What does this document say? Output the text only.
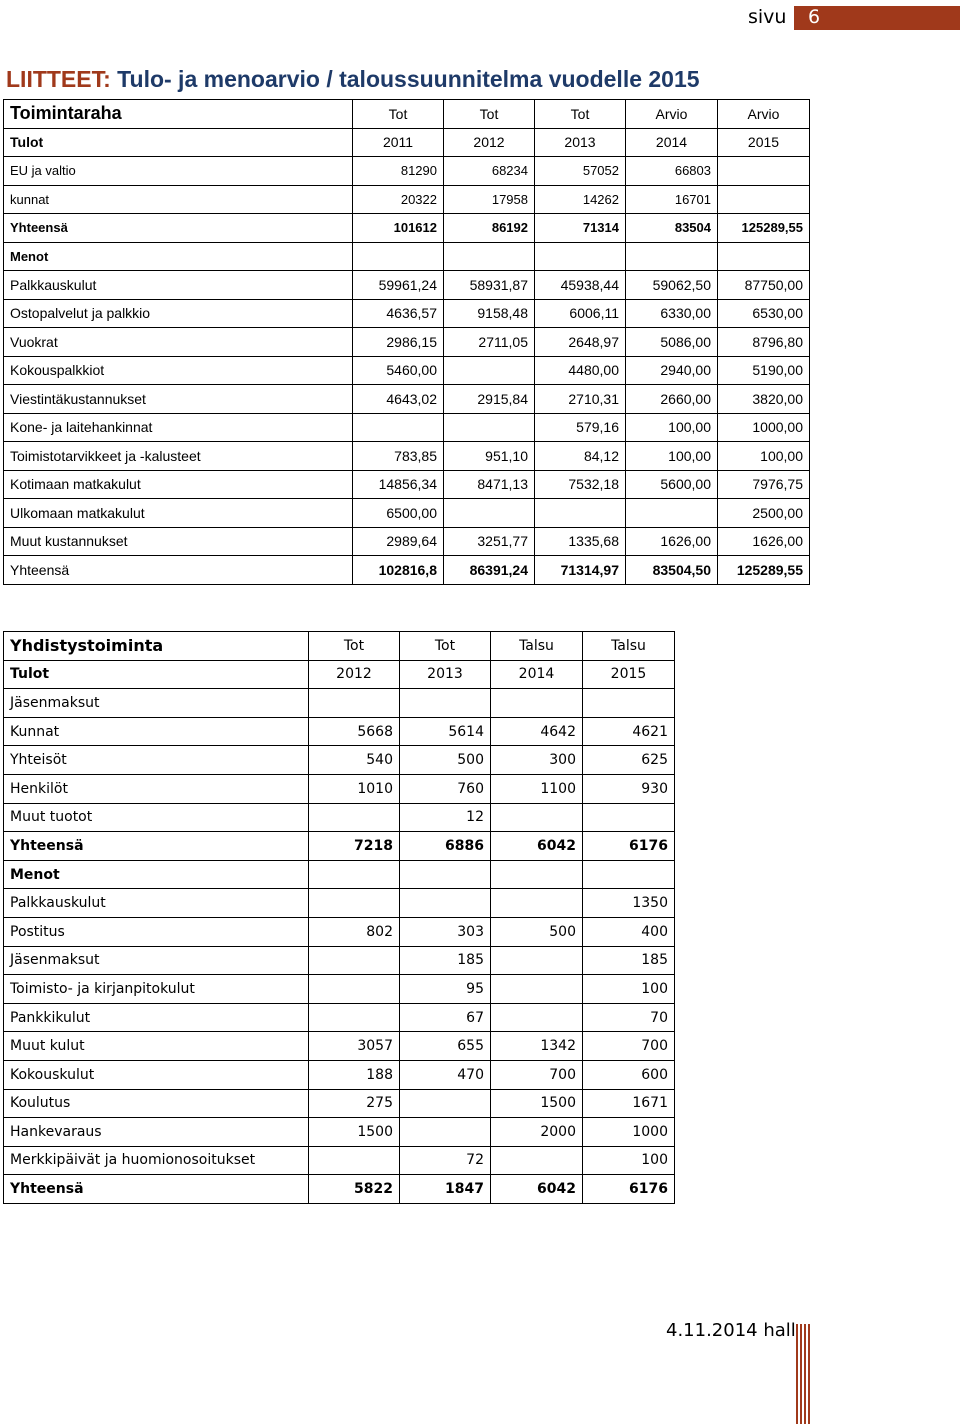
sivu 6
LIITTEET: Tulo- ja menoarvio / taloussuunnitelma vuodelle 2015
Toimintaraha	Tot	Tot	Tot	Arvio	Arvio
Tulot	2011	2012	2013	2014	2015
EU ja valtio	81290	68234	57052	66803	
kunnat	20322	17958	14262	16701	
Yhteensä	101612	86192	71314	83504	125289,55
Menot					
Palkkauskulut	59961,24	58931,87	45938,44	59062,50	87750,00
Ostopalvelut ja palkkio	4636,57	9158,48	6006,11	6330,00	6530,00
Vuokrat	2986,15	2711,05	2648,97	5086,00	8796,80
Kokouspalkkiot	5460,00		4480,00	2940,00	5190,00
Viestintäkustannukset	4643,02	2915,84	2710,31	2660,00	3820,00
Kone- ja laitehankinnat			579,16	100,00	1000,00
Toimistotarvikkeet ja -kalusteet	783,85	951,10	84,12	100,00	100,00
Kotimaan matkakulut	14856,34	8471,13	7532,18	5600,00	7976,75
Ulkomaan matkakulut	6500,00				2500,00
Muut kustannukset	2989,64	3251,77	1335,68	1626,00	1626,00
Yhteensä	102816,8	86391,24	71314,97	83504,50	125289,55
Yhdistystoiminta	Tot	Tot	Talsu	Talsu
Tulot	2012	2013	2014	2015
Jäsenmaksut				
Kunnat	5668	5614	4642	4621
Yhteisöt	540	500	300	625
Henkilöt	1010	760	1100	930
Muut tuotot		12		
Yhteensä	7218	6886	6042	6176
Menot				
Palkkauskulut				1350
Postitus	802	303	500	400
Jäsenmaksut		185		185
Toimisto- ja kirjanpitokulut		95		100
Pankkikulut		67		70
Muut kulut	3057	655	1342	700
Kokouskulut	188	470	700	600
Koulutus	275		1500	1671
Hankevaraus	1500		2000	1000
Merkkipäivät ja huomionosoitukset		72		100
Yhteensä	5822	1847	6042	6176
4.11.2014 hall
